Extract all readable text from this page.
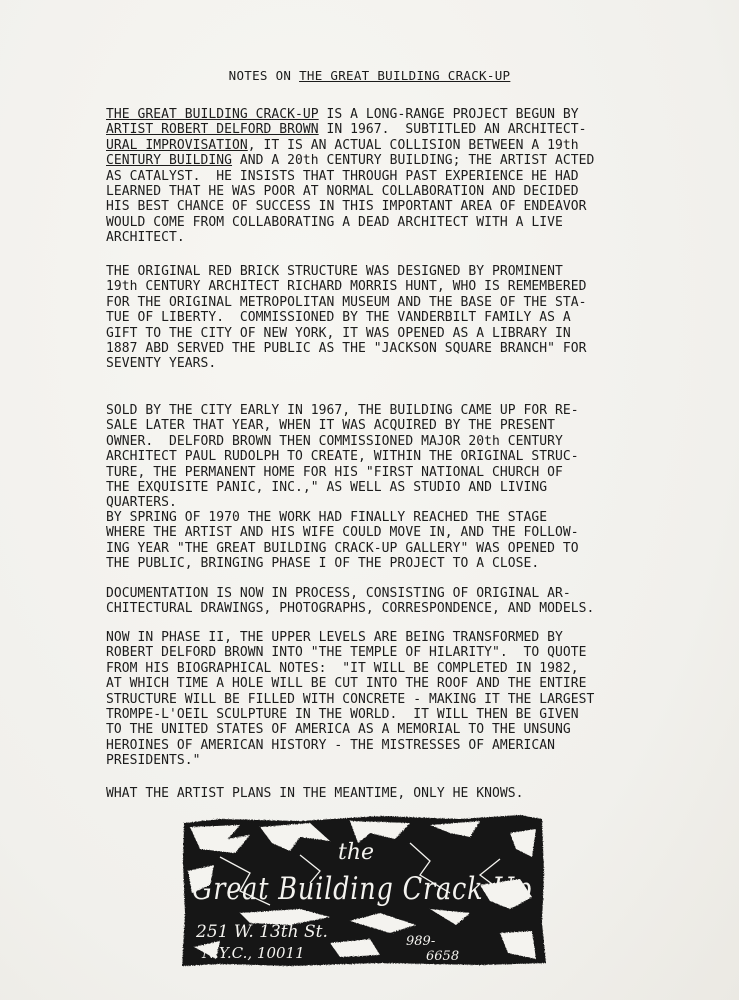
NOTES ON THE GREAT BUILDING CRACK-UP
THE GREAT BUILDING CRACK-UP IS A LONG-RANGE PROJECT BEGUN BY
ARTIST ROBERT DELFORD BROWN IN 1967.  SUBTITLED AN ARCHITECT-
URAL IMPROVISATION, IT IS AN ACTUAL COLLISION BETWEEN A 19th
CENTURY BUILDING AND A 20th CENTURY BUILDING; THE ARTIST ACTED
AS CATALYST.  HE INSISTS THAT THROUGH PAST EXPERIENCE HE HAD
LEARNED THAT HE WAS POOR AT NORMAL COLLABORATION AND DECIDED
HIS BEST CHANCE OF SUCCESS IN THIS IMPORTANT AREA OF ENDEAVOR
WOULD COME FROM COLLABORATING A DEAD ARCHITECT WITH A LIVE
ARCHITECT.
THE ORIGINAL RED BRICK STRUCTURE WAS DESIGNED BY PROMINENT
19th CENTURY ARCHITECT RICHARD MORRIS HUNT, WHO IS REMEMBERED
FOR THE ORIGINAL METROPOLITAN MUSEUM AND THE BASE OF THE STA-
TUE OF LIBERTY.  COMMISSIONED BY THE VANDERBILT FAMILY AS A
GIFT TO THE CITY OF NEW YORK, IT WAS OPENED AS A LIBRARY IN
1887 ABD SERVED THE PUBLIC AS THE "JACKSON SQUARE BRANCH" FOR
SEVENTY YEARS.
SOLD BY THE CITY EARLY IN 1967, THE BUILDING CAME UP FOR RE-
SALE LATER THAT YEAR, WHEN IT WAS ACQUIRED BY THE PRESENT
OWNER.  DELFORD BROWN THEN COMMISSIONED MAJOR 20th CENTURY
ARCHITECT PAUL RUDOLPH TO CREATE, WITHIN THE ORIGINAL STRUC-
TURE, THE PERMANENT HOME FOR HIS "FIRST NATIONAL CHURCH OF
THE EXQUISITE PANIC, INC.," AS WELL AS STUDIO AND LIVING
QUARTERS.
BY SPRING OF 1970 THE WORK HAD FINALLY REACHED THE STAGE
WHERE THE ARTIST AND HIS WIFE COULD MOVE IN, AND THE FOLLOW-
ING YEAR "THE GREAT BUILDING CRACK-UP GALLERY" WAS OPENED TO
THE PUBLIC, BRINGING PHASE I OF THE PROJECT TO A CLOSE.
DOCUMENTATION IS NOW IN PROCESS, CONSISTING OF ORIGINAL AR-
CHITECTURAL DRAWINGS, PHOTOGRAPHS, CORRESPONDENCE, AND MODELS.
NOW IN PHASE II, THE UPPER LEVELS ARE BEING TRANSFORMED BY
ROBERT DELFORD BROWN INTO "THE TEMPLE OF HILARITY".  TO QUOTE
FROM HIS BIOGRAPHICAL NOTES:  "IT WILL BE COMPLETED IN 1982,
AT WHICH TIME A HOLE WILL BE CUT INTO THE ROOF AND THE ENTIRE
STRUCTURE WILL BE FILLED WITH CONCRETE - MAKING IT THE LARGEST
TROMPE-L'OEIL SCULPTURE IN THE WORLD.  IT WILL THEN BE GIVEN
TO THE UNITED STATES OF AMERICA AS A MEMORIAL TO THE UNSUNG
HEROINES OF AMERICAN HISTORY - THE MISTRESSES OF AMERICAN
PRESIDENTS."
WHAT THE ARTIST PLANS IN THE MEANTIME, ONLY HE KNOWS.
the
Great Building Crack-Up
251 W. 13th St.
N.Y.C., 10011
989-
6658
